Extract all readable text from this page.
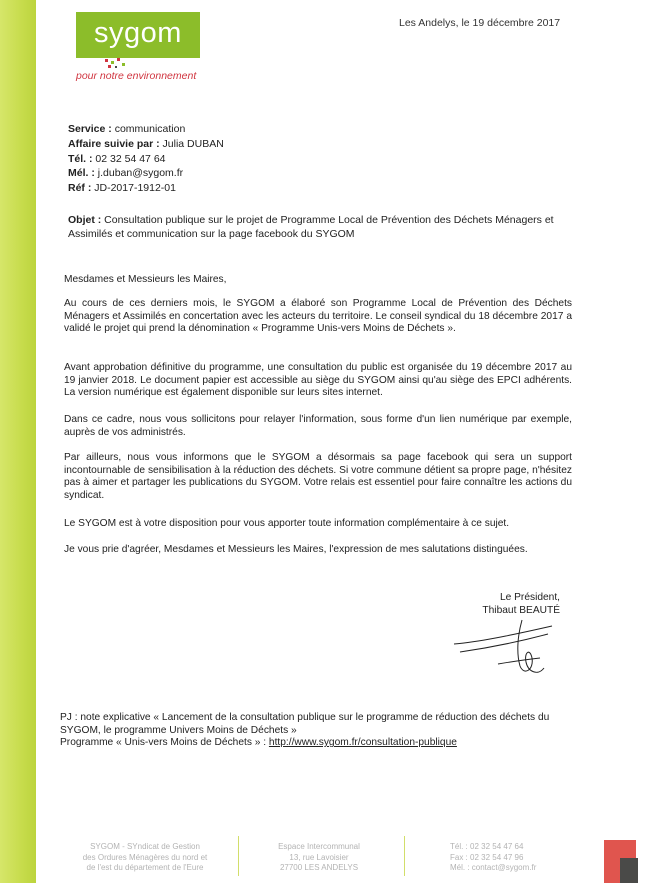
sygom
pour notre environnement
Les Andelys, le 19 décembre 2017
Service : communication
Affaire suivie par : Julia DUBAN
Tél. : 02 32 54 47 64
Mél. : j.duban@sygom.fr
Réf : JD-2017-1912-01
Objet : Consultation publique sur le projet de Programme Local de Prévention des Déchets Ménagers et Assimilés et communication sur la page facebook du SYGOM
Mesdames et Messieurs les Maires,
Au cours de ces derniers mois, le SYGOM a élaboré son Programme Local de Prévention des Déchets Ménagers et Assimilés en concertation avec les acteurs du territoire. Le conseil syndical du 18 décembre 2017 a validé le projet qui prend la dénomination « Programme Unis-vers Moins de Déchets ».
Avant approbation définitive du programme, une consultation du public est organisée du 19 décembre 2017 au 19 janvier 2018. Le document papier est accessible au siège du SYGOM ainsi qu'au siège des EPCI adhérents. La version numérique est également disponible sur leurs sites internet.
Dans ce cadre, nous vous sollicitons pour relayer l'information, sous forme d'un lien numérique par exemple, auprès de vos administrés.
Par ailleurs, nous vous informons que le SYGOM a désormais sa page facebook qui sera un support incontournable de sensibilisation à la réduction des déchets. Si votre commune détient sa propre page, n'hésitez pas à aimer et partager les publications du SYGOM. Votre relais est essentiel pour faire connaître les actions du syndicat.
Le SYGOM est à votre disposition pour vous apporter toute information complémentaire à ce sujet.
Je vous prie d'agréer, Mesdames et Messieurs les Maires, l'expression de mes salutations distinguées.
Le Président,
Thibaut BEAUTÉ
PJ : note explicative « Lancement de la consultation publique sur le programme de réduction des déchets du SYGOM, le programme Univers Moins de Déchets »
Programme « Unis-vers Moins de Déchets » : http://www.sygom.fr/consultation-publique
SYGOM - SYndicat de Gestion
des Ordures Ménagères du nord et
de l'est du département de l'Eure
Espace Intercommunal
13, rue Lavoisier
27700 LES ANDELYS
Tél. : 02 32 54 47 64
Fax : 02 32 54 47 96
Mél. : contact@sygom.fr
